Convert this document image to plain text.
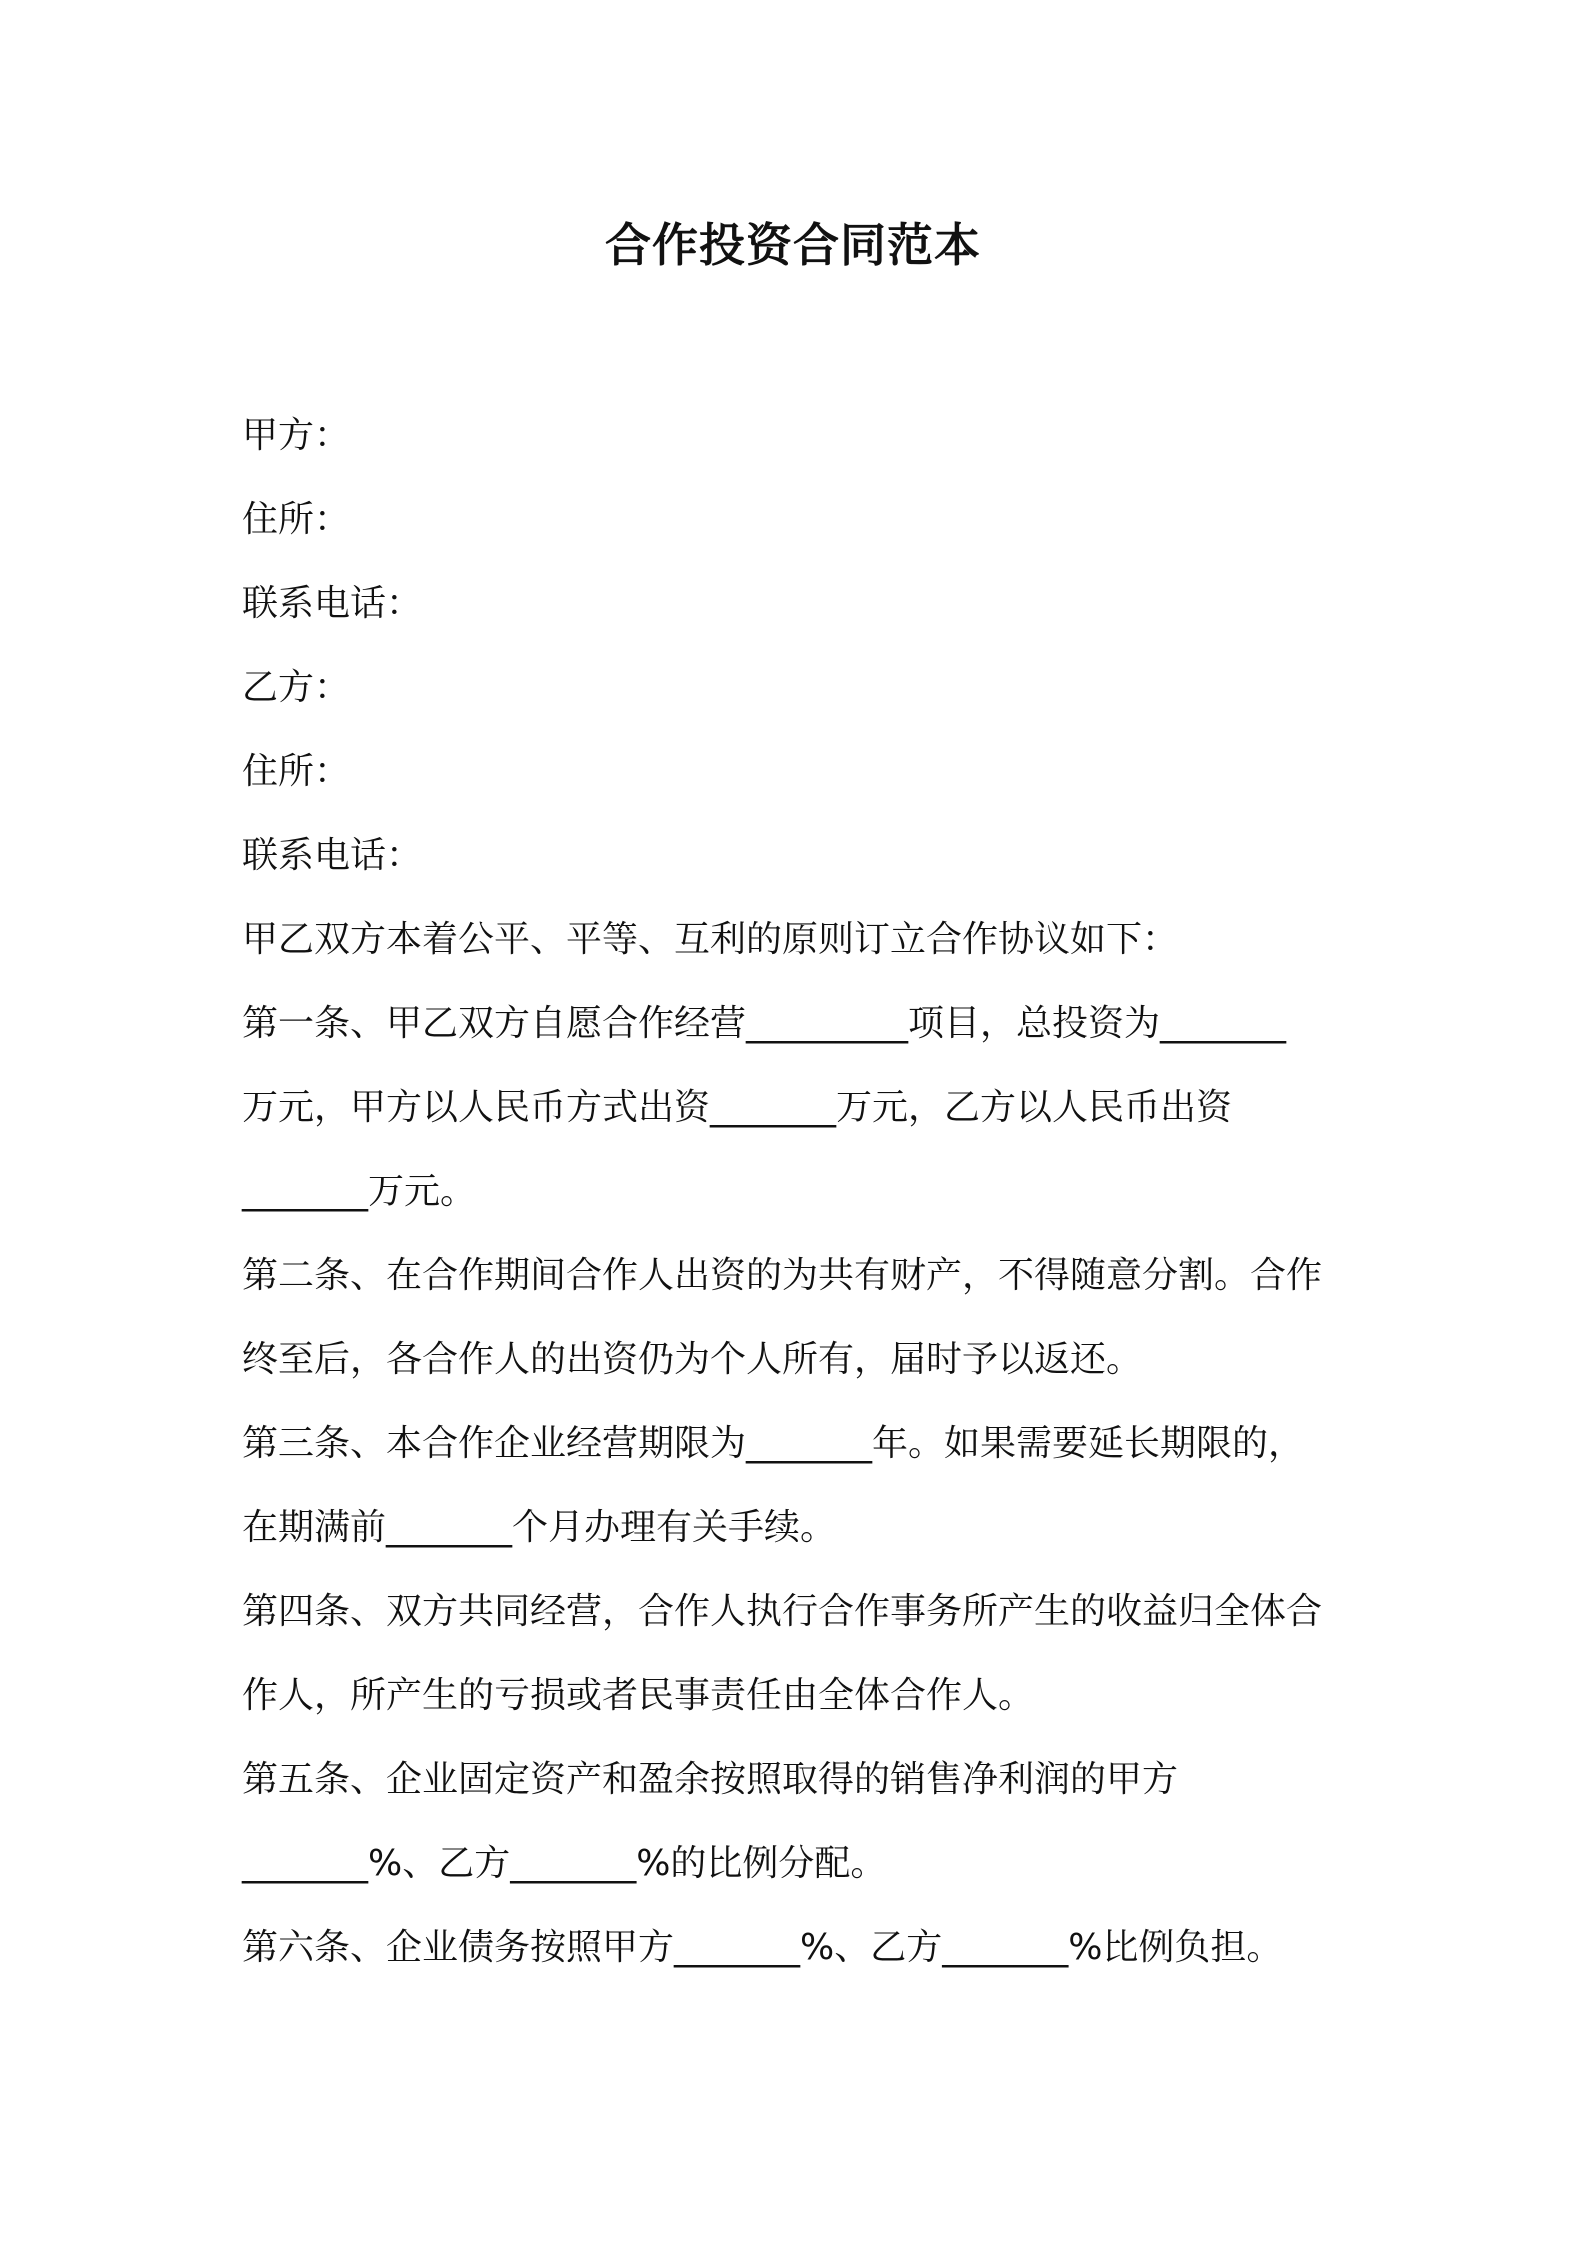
合作投资合同范本
甲方：
住所：
联系电话：
乙方：
住所：
联系电话：
甲乙双方本着公平、平等、互利的原则订立合作协议如下：
第一条、甲乙双方自愿合作经营_________项目，总投资为_______
万元，甲方以人民币方式出资_______万元，乙方以人民币出资
_______万元。
第二条、在合作期间合作人出资的为共有财产，不得随意分割。合作
终至后，各合作人的出资仍为个人所有，届时予以返还。
第三条、本合作企业经营期限为_______年。如果需要延长期限的，
在期满前_______个月办理有关手续。
第四条、双方共同经营，合作人执行合作事务所产生的收益归全体合
作人，所产生的亏损或者民事责任由全体合作人。
第五条、企业固定资产和盈余按照取得的销售净利润的甲方
_______%、乙方_______%的比例分配。
第六条、企业债务按照甲方_______%、乙方_______%比例负担。
